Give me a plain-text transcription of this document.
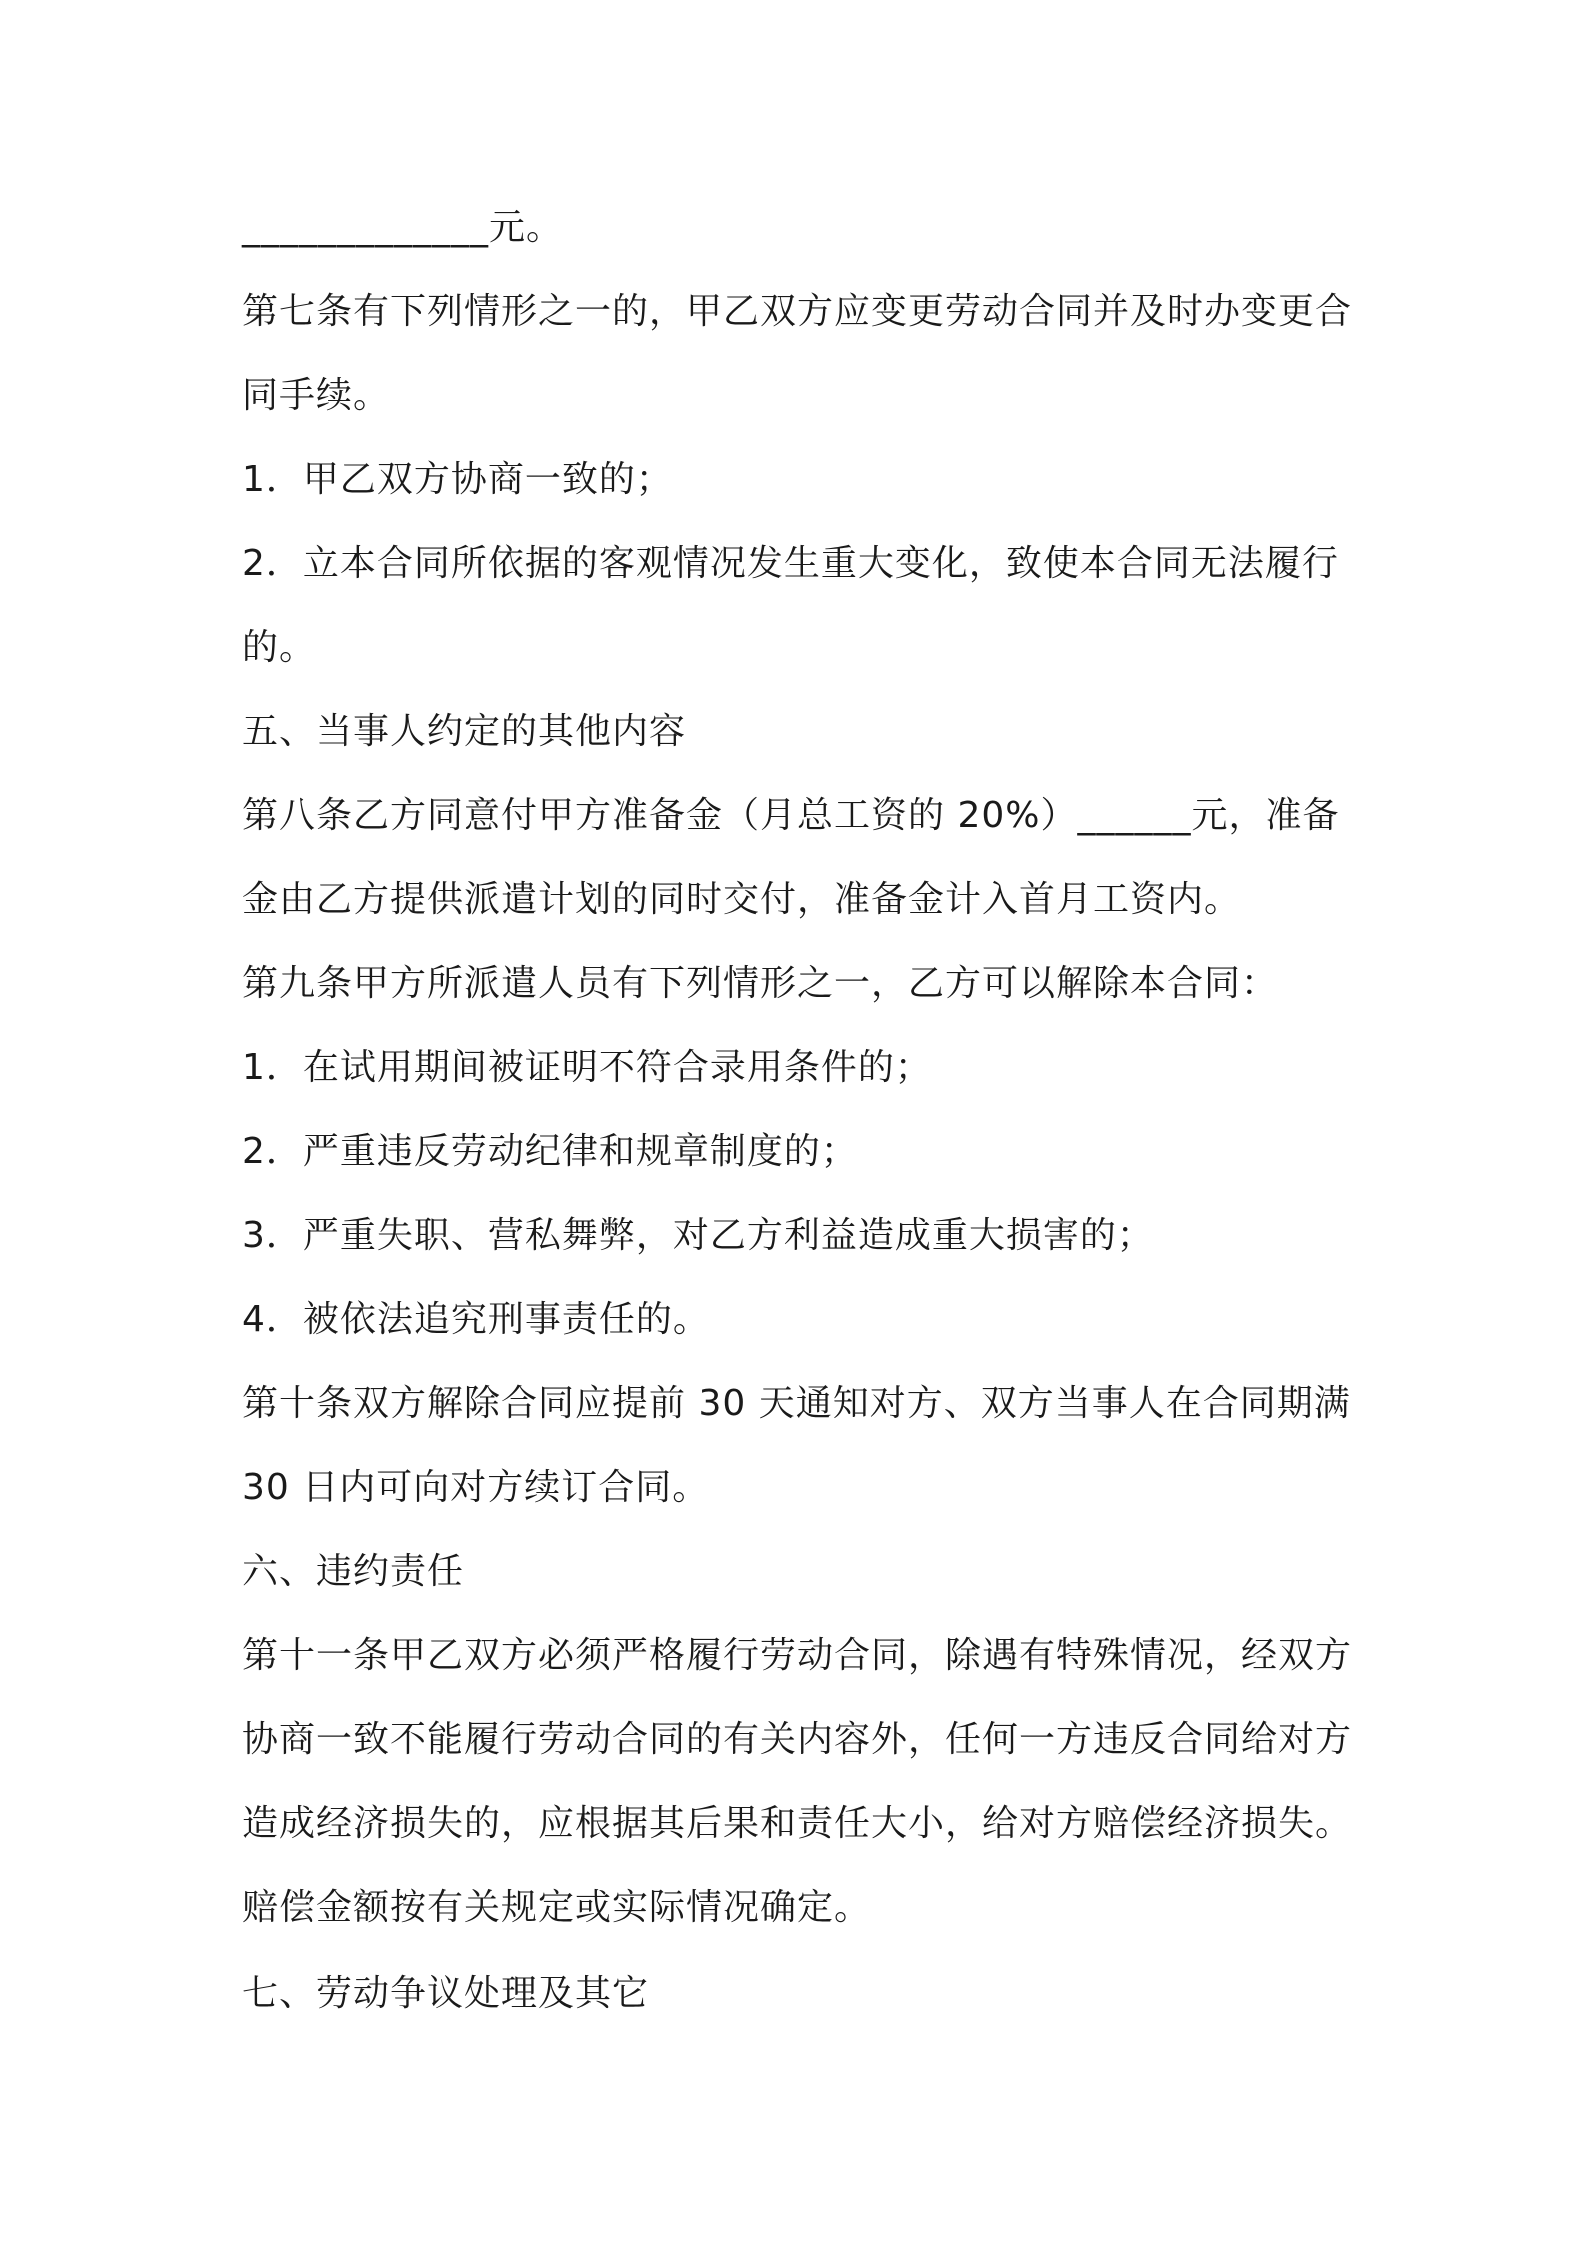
_____________元。
第七条有下列情形之一的，甲乙双方应变更劳动合同并及时办变更合
同手续。
1．甲乙双方协商一致的；
2．立本合同所依据的客观情况发生重大变化，致使本合同无法履行
的。
五、当事人约定的其他内容
第八条乙方同意付甲方准备金（月总工资的 20%）______元，准备
金由乙方提供派遣计划的同时交付，准备金计入首月工资内。
第九条甲方所派遣人员有下列情形之一，乙方可以解除本合同：
1．在试用期间被证明不符合录用条件的；
2．严重违反劳动纪律和规章制度的；
3．严重失职、营私舞弊，对乙方利益造成重大损害的；
4．被依法追究刑事责任的。
第十条双方解除合同应提前 30 天通知对方、双方当事人在合同期满
30 日内可向对方续订合同。
六、违约责任
第十一条甲乙双方必须严格履行劳动合同，除遇有特殊情况，经双方
协商一致不能履行劳动合同的有关内容外，任何一方违反合同给对方
造成经济损失的，应根据其后果和责任大小，给对方赔偿经济损失。
赔偿金额按有关规定或实际情况确定。
七、劳动争议处理及其它
